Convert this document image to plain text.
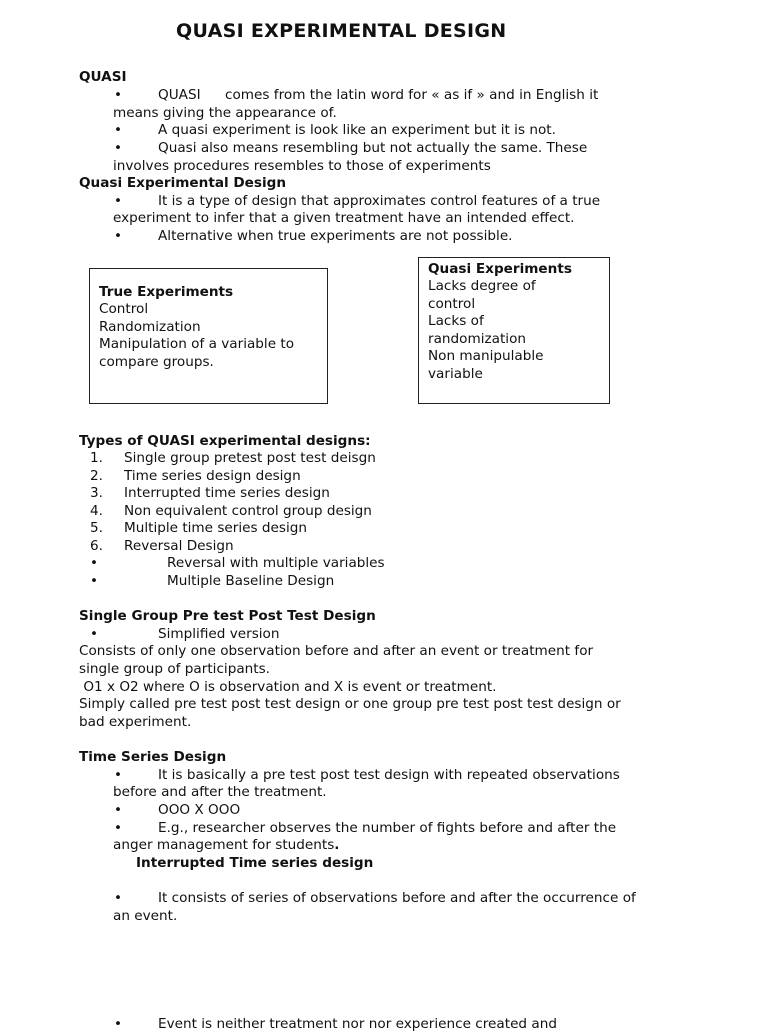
QUASI EXPERIMENTAL DESIGN
QUASI
•	QUASI comes from the latin word for « as if » and in English it
means giving the appearance of.
•	A quasi experiment is look like an experiment but it is not.
•	Quasi also means resembling but not actually the same. These
involves procedures resembles to those of experiments
Quasi Experimental Design
•	It is a type of design that approximates control features of a true
experiment to infer that a given treatment have an intended effect.
•	Alternative when true experiments are not possible.
True Experiments
Control
Randomization
Manipulation of a variable to
compare groups.
Quasi Experiments
Lacks degree of
control
Lacks of
randomization
Non manipulable
variable
Types of QUASI experimental designs:
1. Single group pretest post test deisgn
2. Time series design design
3. Interrupted time series design
4. Non equivalent control group design
5. Multiple time series design
6. Reversal Design
•	Reversal with multiple variables
•	Multiple Baseline Design
Single Group Pre test Post Test Design
•	Simplified version
Consists of only one observation before and after an event or treatment for
single group of participants.
O1 x O2 where O is observation and X is event or treatment.
Simply called pre test post test design or one group pre test post test design or
bad experiment.
Time Series Design
•	It is basically a pre test post test design with repeated observations
before and after the treatment.
•	OOO X OOO
•	E.g., researcher observes the number of fights before and after the
anger management for students.
Interrupted Time series design
•	It consists of series of observations before and after the occurrence of
an event.
•	Event is neither treatment nor nor experience created and
